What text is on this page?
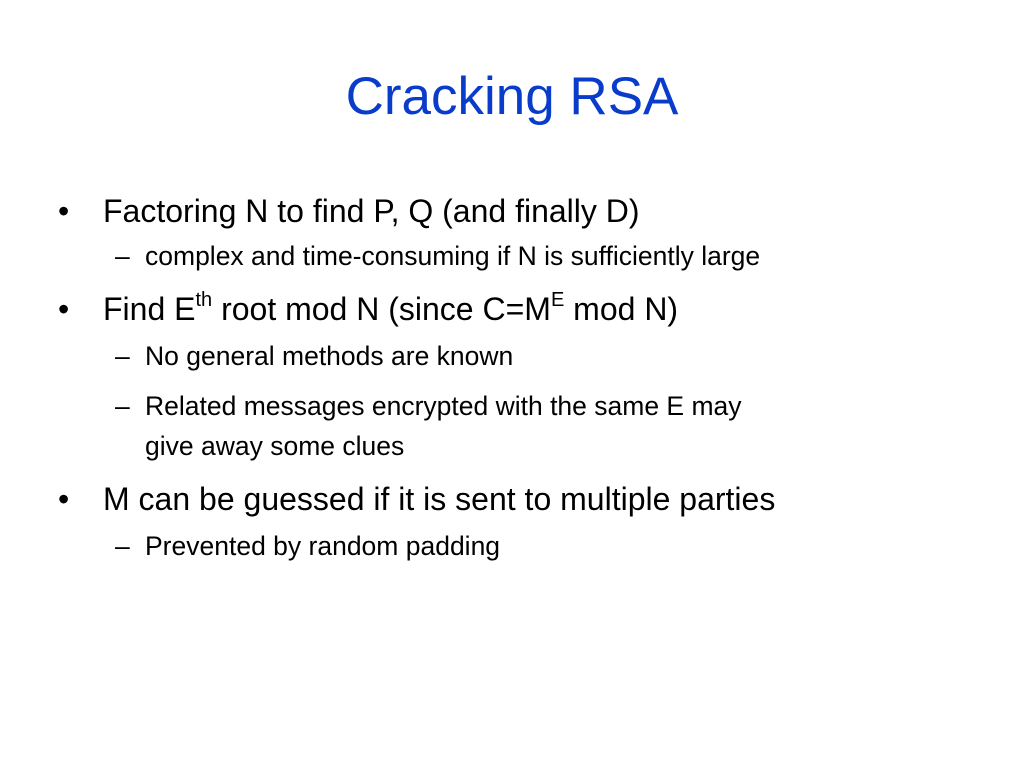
Cracking RSA
•	Factoring N to find P, Q (and finally D)
– complex and time-consuming if N is sufficiently large
•	Find $E^{th}$ root mod N (since $C=M^E$ mod N)
– No general methods are known
– Related messages encrypted with the same E may
give away some clues
•	M can be guessed if it is sent to multiple parties
– Prevented by random padding
